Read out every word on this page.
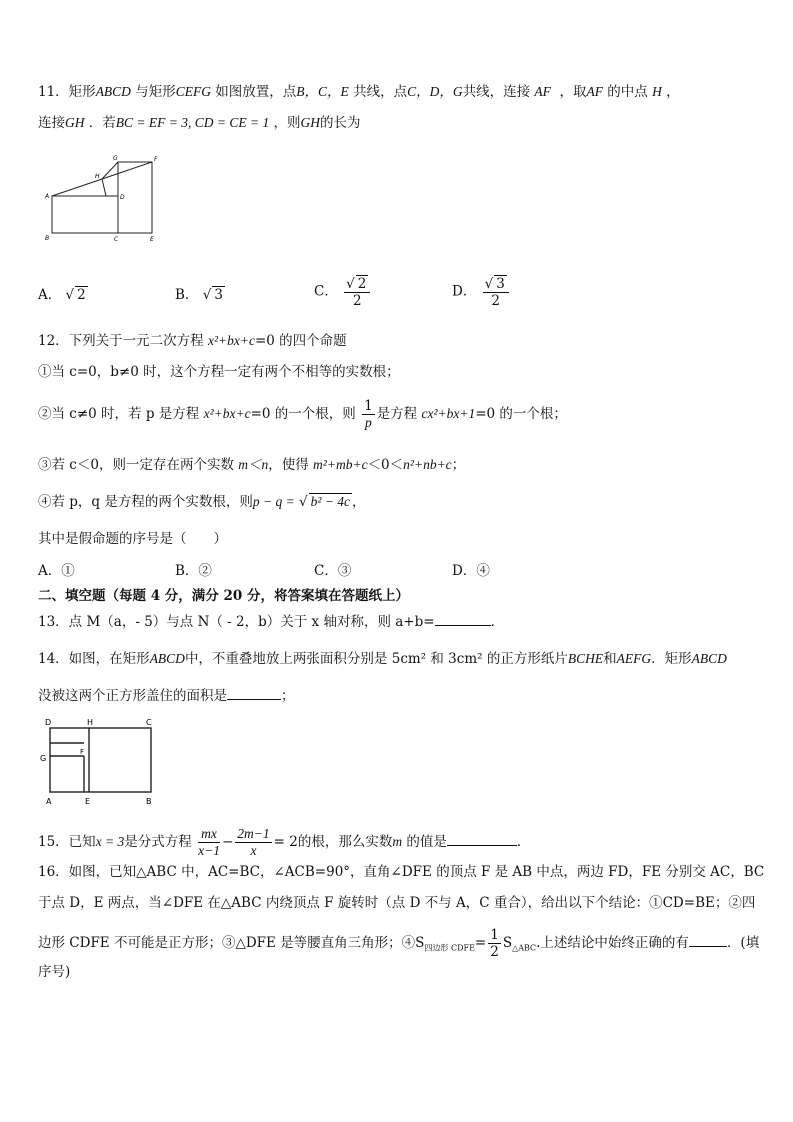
11．矩形ABCD 与矩形CEFG 如图放置，点B，C，E 共线，点C，D，G共线，连接 AF ，取AF 的中点 H ，
连接GH ．若BC = EF = 3, CD = CE = 1 ，则GH的长为
G	F
H
A	D
B	C	E
A． √ 2	B． √ 3	C． $\frac{√ 2}{2}$	D． $\frac{√ 3}{2}$
12．下列关于一元二次方程 x²+bx+c=0 的四个命题
①当 c=0，b≠0 时，这个方程一定有两个不相等的实数根；
②当 c≠0 时，若 p 是方程 x²+bx+c=0 的一个根，则 $\frac{1}{p}$ 是方程 cx²+bx+1=0 的一个根；
③若 c＜0，则一定存在两个实数 m＜n，使得 m²+mb+c＜0＜n²+nb+c；
④若 p，q 是方程的两个实数根，则p − q = √ b² − 4c ，
其中是假命题的序号是（　　）
A．①	B．②	C．③	D．④
二、填空题（每题 4 分，满分 20 分，将答案填在答题纸上）
13．点 M（a，- 5）与点 N（ - 2，b）关于 x 轴对称，则 a+b=	．
14．如图，在矩形ABCD中，不重叠地放上两张面积分别是 5cm² 和 3cm² 的正方形纸片BCHE和AEFG．矩形ABCD
没被这两个正方形盖住的面积是	；
D	H	C
F
G
A	E	B
15．已知x = 3是分式方程 $\frac{mx}{x-1} - \frac{2m-1}{x} = 2$的根，那么实数m 的值是	．
16．如图，已知△ABC 中，AC=BC，∠ACB=90°，直角∠DFE 的顶点 F 是 AB 中点，两边 FD，FE 分别交 AC，BC
于点 D，E 两点，当∠DFE 在△ABC 内绕顶点 F 旋转时（点 D 不与 A，C 重合），给出以下个结论：①CD=BE；②四
边形 CDFE 不可能是正方形；③△DFE 是等腰直角三角形；$④S_{四边形 CDFE}= \frac{1}{2} S_{\triangle ABC}$.上述结论中始终正确的有	．(填
序号)
